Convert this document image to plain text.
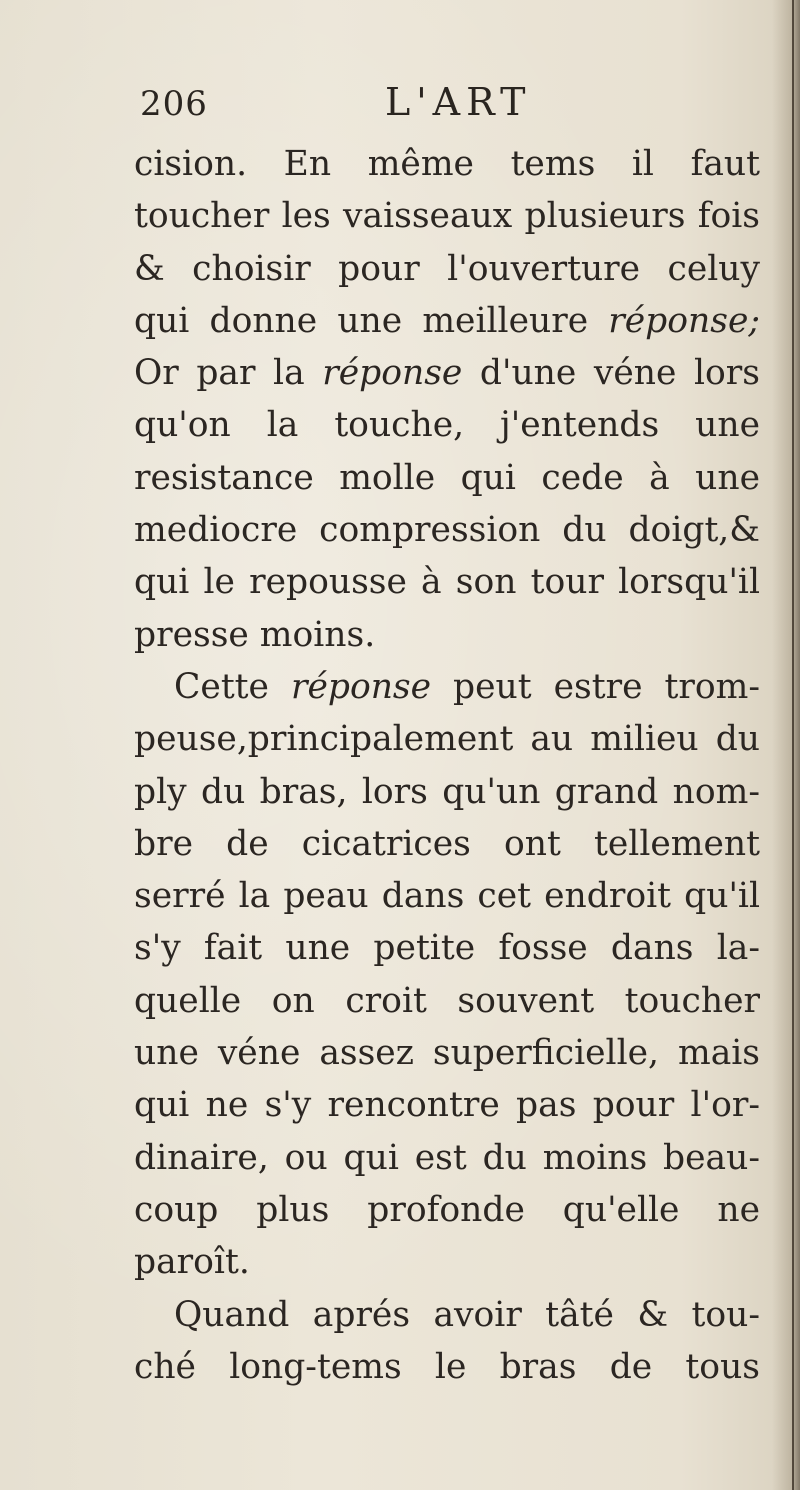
206	L'ART
cision. En même tems il faut
toucher les vaisseaux plusieurs fois
& choisir pour l'ouverture celuy
qui donne une meilleure réponse;
Or par la réponse d'une véne lors
qu'on la touche, j'entends une
resistance molle qui cede à une
mediocre compression du doigt,&
qui le repousse à son tour lorsqu'il
presse moins.
Cette réponse peut estre trom-
peuse,principalement au milieu du
ply du bras, lors qu'un grand nom-
bre de cicatrices ont tellement
serré la peau dans cet endroit qu'il
s'y fait une petite fosse dans la-
quelle on croit souvent toucher
une véne assez superficielle, mais
qui ne s'y rencontre pas pour l'or-
dinaire, ou qui est du moins beau-
coup plus profonde qu'elle ne
paroît.
Quand aprés avoir tâté & tou-
ché long-tems le bras de tous
